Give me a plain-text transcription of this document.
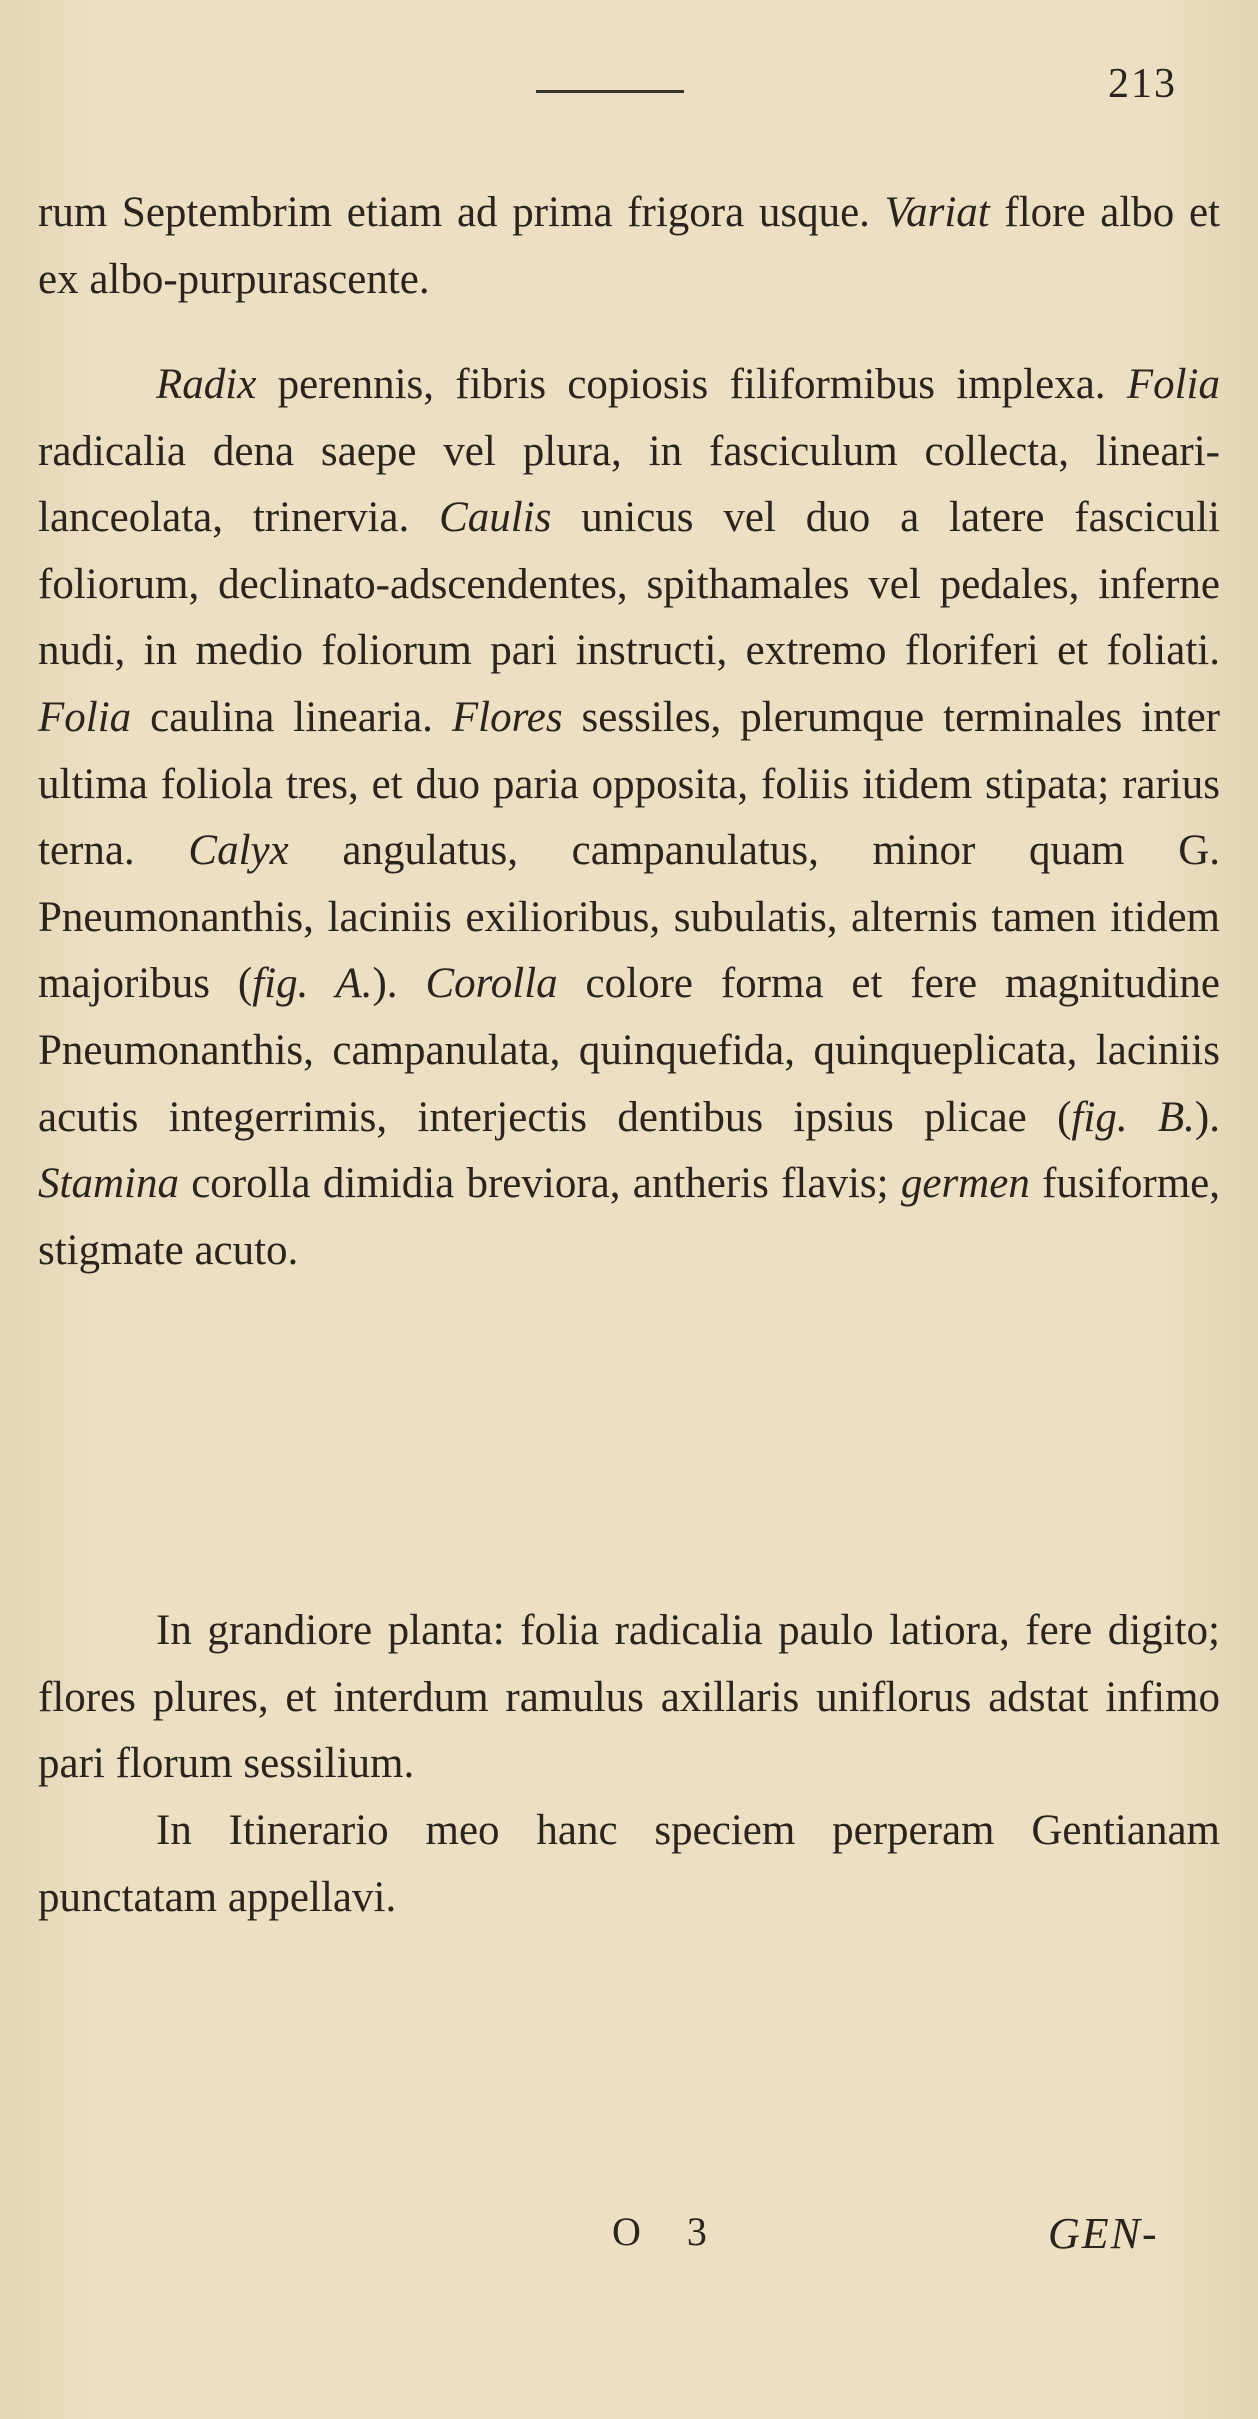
213
rum Septembrim etiam ad prima frigora usque. Variat flore albo et ex albo-purpurascente.
Radix perennis, fibris copiosis filiformibus implexa. Folia radicalia dena saepe vel plura, in fasciculum collecta, lineari-lanceolata, trinervia. Caulis unicus vel duo a latere fasciculi foliorum, declinato-adscendentes, spithamales vel pedales, inferne nudi, in medio foliorum pari instructi, extremo floriferi et foliati. Folia caulina linearia. Flores sessiles, plerumque terminales inter ultima foliola tres, et duo paria opposita, foliis itidem stipata; rarius terna. Calyx angulatus, campanulatus, minor quam G. Pneumonanthis, laciniis exilioribus, subulatis, alternis tamen itidem majoribus (fig. A.). Corolla colore forma et fere magnitudine Pneumonanthis, campanulata, quinquefida, quinqueplicata, laciniis acutis integerrimis, interjectis dentibus ipsius plicae (fig. B.). Stamina corolla dimidia breviora, antheris flavis; germen fusiforme, stigmate acuto.
In grandiore planta: folia radicalia paulo latiora, fere digito; flores plures, et interdum ramulus axillaris uniflorus adstat infimo pari florum sessilium.
In Itinerario meo hanc speciem perperam Gentianam punctatam appellavi.
O 3	GEN-
